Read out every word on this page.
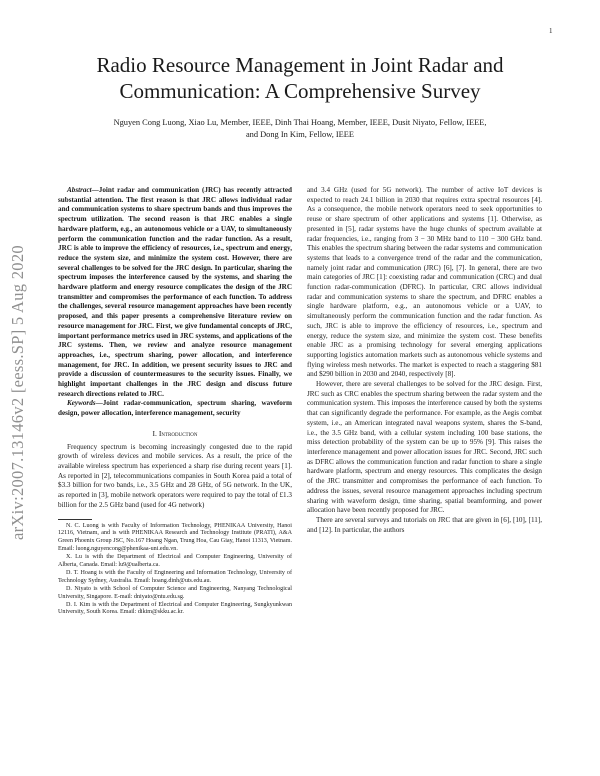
1
Radio Resource Management in Joint Radar and
Communication: A Comprehensive Survey
Nguyen Cong Luong, Xiao Lu, Member, IEEE, Dinh Thai Hoang, Member, IEEE, Dusit Niyato, Fellow, IEEE,
and Dong In Kim, Fellow, IEEE
arXiv:2007.13146v2 [eess.SP] 5 Aug 2020

Abstract—Joint radar and communication (JRC) has recently attracted substantial attention. The first reason is that JRC allows individual radar and communication systems to share spectrum bands and thus improves the spectrum utilization. The second reason is that JRC enables a single hardware platform, e.g., an autonomous vehicle or a UAV, to simultaneously perform the communication function and the radar function. As a result, JRC is able to improve the efficiency of resources, i.e., spectrum and energy, reduce the system size, and minimize the system cost. However, there are several challenges to be solved for the JRC design. In particular, sharing the spectrum imposes the interference caused by the systems, and sharing the hardware platform and energy resource complicates the design of the JRC transmitter and compromises the performance of each function. To address the challenges, several resource management approaches have been recently proposed, and this paper presents a comprehensive literature review on resource management for JRC. First, we give fundamental concepts of JRC, important performance metrics used in JRC systems, and applications of the JRC systems. Then, we review and analyze resource management approaches, i.e., spectrum sharing, power allocation, and interference management, for JRC. In addition, we present security issues to JRC and provide a discussion of countermeasures to the security issues. Finally, we highlight important challenges in the JRC design and discuss future research directions related to JRC.

Keywords—Joint radar-communication, spectrum sharing, waveform design, power allocation, interference management, security

I. Introduction

Frequency spectrum is becoming increasingly congested due to the rapid growth of wireless devices and mobile services. As a result, the price of the available wireless spectrum has experienced a sharp rise during recent years [1]. As reported in [2], telecommunications companies in South Korea paid a total of $3.3 billion for two bands, i.e., 3.5 GHz and 28 GHz, of 5G network. In the UK, as reported in [3], mobile network operators were required to pay the total of £1.3 billion for the 2.5 GHz band (used for 4G network)

N. C. Luong is with Faculty of Information Technology, PHENIKAA University, Hanoi 12116, Vietnam, and is with PHENIKAA Research and Technology Institute (PRATI), A&A Green Phoenix Group JSC, No.167 Hoang Ngan, Trung Hoa, Cau Giay, Hanoi 11313, Vietnam. Email: luong.nguyencong@phenikaa-uni.edu.vn.

X. Lu is with the Department of Electrical and Computer Engineering, University of Alberta, Canada. Email: lu9@ualberta.ca.

D. T. Hoang is with the Faculty of Engineering and Information Technology, University of Technology Sydney, Australia. Email: hoang.dinh@uts.edu.au.

D. Niyato is with School of Computer Science and Engineering, Nanyang Technological University, Singapore. E-mail: dniyato@ntu.edu.sg.

D. I. Kim is with the Department of Electrical and Computer Engineering, Sungkyunkwan University, South Korea. Email: dikim@skku.ac.kr.

and 3.4 GHz (used for 5G network). The number of active IoT devices is expected to reach 24.1 billion in 2030 that requires extra spectral resources [4]. As a consequence, the mobile network operators need to seek opportunities to reuse or share spectrum of other applications and systems [1]. Otherwise, as presented in [5], radar systems have the huge chunks of spectrum available at radar frequencies, i.e., ranging from 3 − 30 MHz band to 110 − 300 GHz band. This enables the spectrum sharing between the radar systems and communication systems that leads to a convergence trend of the radar and the communication, namely joint radar and communication (JRC) [6], [7]. In general, there are two main categories of JRC [1]: coexisting radar and communication (CRC) and dual function radar-communication (DFRC). In particular, CRC allows individual radar and communication systems to share the spectrum, and DFRC enables a single hardware platform, e.g., an autonomous vehicle or a UAV, to simultaneously perform the communication function and the radar function. As such, JRC is able to improve the efficiency of resources, i.e., spectrum and energy, reduce the system size, and minimize the system cost. These benefits enable JRC as a promising technology for several emerging applications supporting logistics automation markets such as autonomous vehicle systems and flying wireless mesh networks. The market is expected to reach a staggering $81 and $290 billion in 2030 and 2040, respectively [8].

However, there are several challenges to be solved for the JRC design. First, JRC such as CRC enables the spectrum sharing between the radar system and the communication system. This imposes the interference caused by both the systems that can significantly degrade the performance. For example, as the Aegis combat system, i.e., an American integrated naval weapons system, shares the S-band, i.e., the 3.5 GHz band, with a cellular system including 100 base stations, the miss detection probability of the system can be up to 95% [9]. This raises the interference management and power allocation issues for JRC. Second, JRC such as DFRC allows the communication function and radar function to share a single hardware platform, spectrum and energy resources. This complicates the design of the JRC transmitter and compromises the performance of each function. To address the issues, several resource management approaches including spectrum sharing with waveform design, time sharing, spatial beamforming, and power allocation have been recently proposed for JRC.

There are several surveys and tutorials on JRC that are given in [6], [10], [11], and [12]. In particular, the authors
